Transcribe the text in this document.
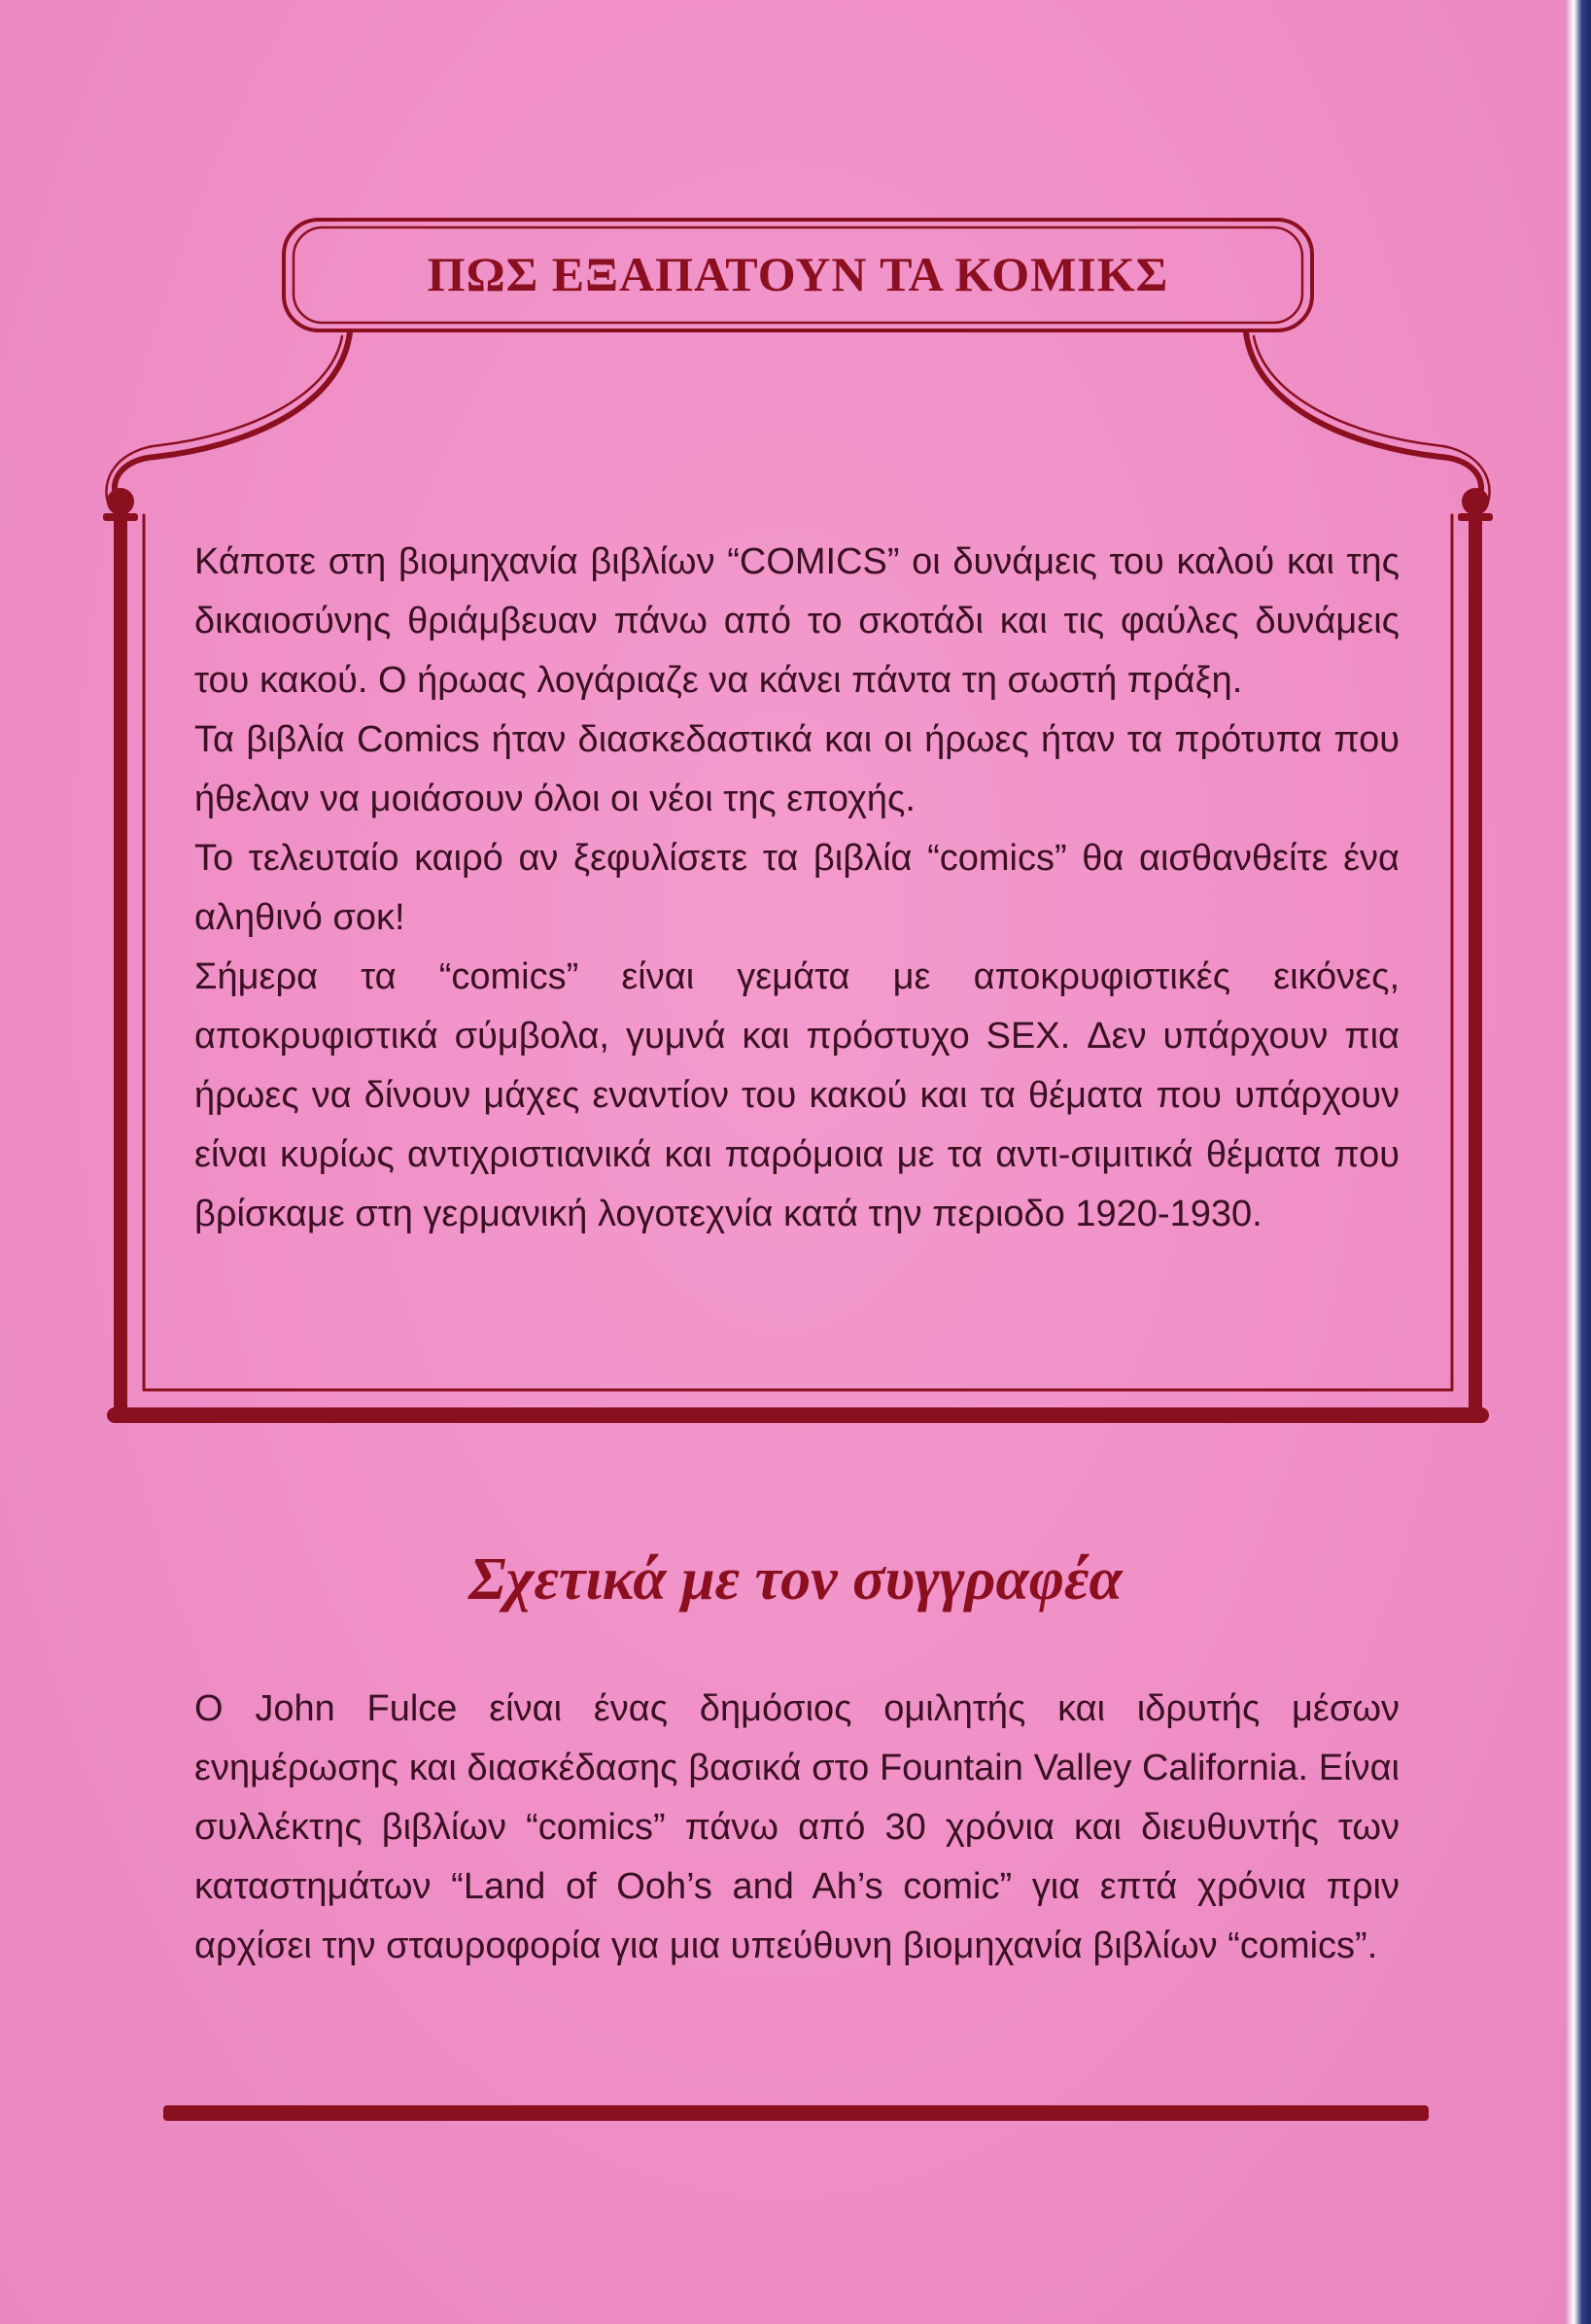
ΠΩΣ ΕΞΑΠΑΤΟΥΝ ΤΑ ΚΟΜΙΚΣ

Κάποτε στη βιομηχανία βιβλίων “COMICS” οι δυνάμεις του καλού και της δικαιοσύνης θριάμβευαν πάνω από το σκοτάδι και τις φαύλες δυνάμεις του κακού. Ο ήρωας λογάριαζε να κάνει πάντα τη σωστή πράξη.

Τα βιβλία Comics ήταν διασκεδαστικά και οι ήρωες ήταν τα πρότυπα που ήθελαν να μοιάσουν όλοι οι νέοι της εποχής.

Το τελευταίο καιρό αν ξεφυλίσετε τα βιβλία “comics” θα αισθανθείτε ένα αληθινό σοκ!

Σήμερα τα “comics” είναι γεμάτα με αποκρυφιστικές εικόνες, αποκρυφιστικά σύμβολα, γυμνά και πρόστυχο SEX. Δεν υπάρχουν πια ήρωες να δίνουν μάχες εναντίον του κακού και τα θέματα που υπάρχουν είναι κυρίως αντιχριστιανικά και παρόμοια με τα αντι-σιμιτικά θέματα που βρίσκαμε στη γερμανική λογοτεχνία κατά την περιοδο 1920-1930.

Σχετικά με τον συγγραφέα

Ο John Fulce είναι ένας δημόσιος ομιλητής και ιδρυτής μέσων ενημέρωσης και διασκέδασης βασικά στο Fountain Valley California. Είναι συλλέκτης βιβλίων “comics” πάνω από 30 χρόνια και διευθυντής των καταστημάτων “Land of Ooh’s and Ah’s comic” για επτά χρόνια πριν αρχίσει την σταυροφορία για μια υπεύθυνη βιομηχανία βιβλίων “comics”.
